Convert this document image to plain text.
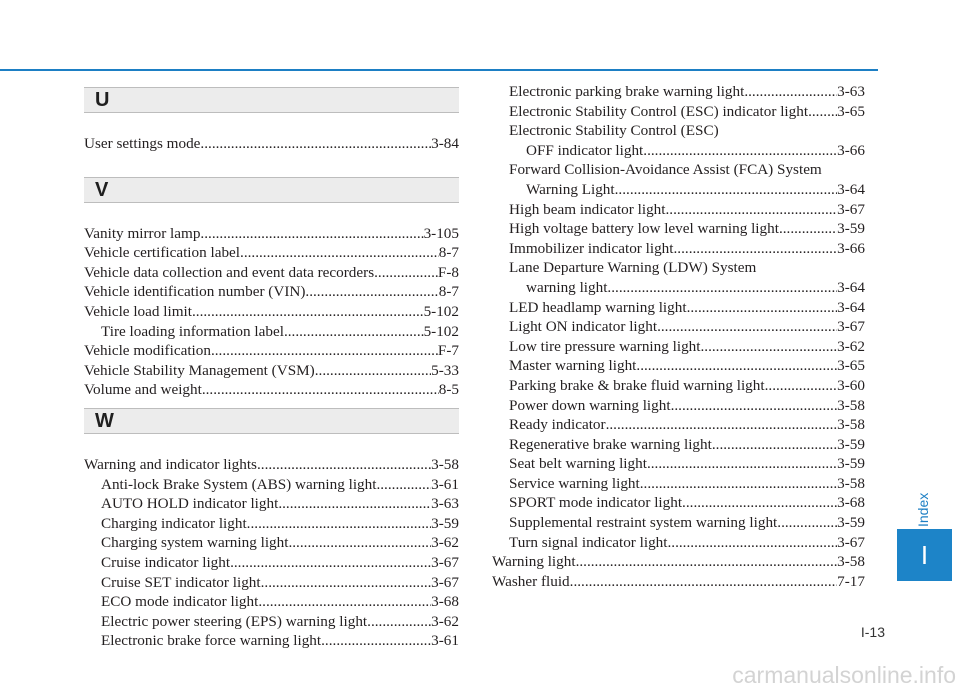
U
User settings mode .....	3-84
V
Vanity mirror lamp .....	3-105
Vehicle certification label .....	8-7
Vehicle data collection and event data recorders .....	F-8
Vehicle identification number (VIN) .....	8-7
Vehicle load limit .....	5-102
Tire loading information label .....	5-102
Vehicle modification .....	F-7
Vehicle Stability Management (VSM) .....	5-33
Volume and weight .....	8-5
W
Warning and indicator lights .....	3-58
Anti-lock Brake System (ABS) warning light .....	3-61
AUTO HOLD indicator light .....	3-63
Charging indicator light .....	3-59
Charging system warning light .....	3-62
Cruise indicator light .....	3-67
Cruise SET indicator light .....	3-67
ECO mode indicator light .....	3-68
Electric power steering (EPS) warning light .....	3-62
Electronic brake force warning light .....	3-61
Electronic parking brake warning light .....	3-63
Electronic Stability Control (ESC) indicator light ..... 3-65
Electronic Stability Control (ESC)
OFF indicator light .....	3-66
Forward Collision-Avoidance Assist (FCA) System
Warning Light .....	3-64
High beam indicator light .....	3-67
High voltage battery low level warning light .....	3-59
Immobilizer indicator light .....	3-66
Lane Departure Warning (LDW) System
warning light .....	3-64
LED headlamp warning light .....	3-64
Light ON indicator light .....	3-67
Low tire pressure warning light .....	3-62
Master warning light .....	3-65
Parking brake & brake fluid warning light .....	3-60
Power down warning light .....	3-58
Ready indicator .....	3-58
Regenerative brake warning light .....	3-59
Seat belt warning light .....	3-59
Service warning light .....	3-58
SPORT mode indicator light .....	3-68
Supplemental restraint system warning light .....	3-59
Turn signal indicator light .....	3-67
Warning light .....	3-58
Washer fluid .....	7-17
Index
I
I-13
carmanualsonline.info
